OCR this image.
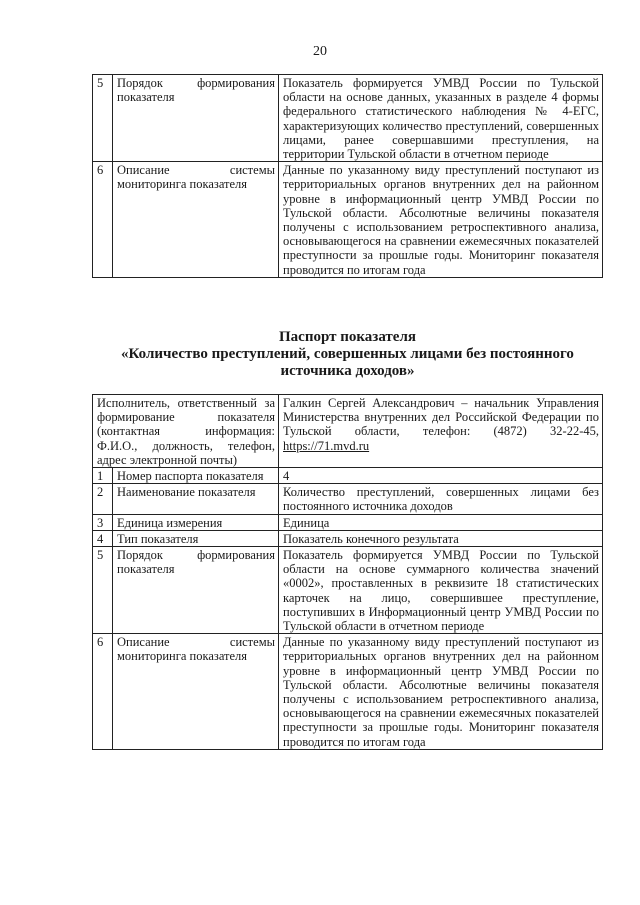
20
5	Порядок формирования показателя	Показатель формируется УМВД России по Тульской области на основе данных, указанных в разделе 4 формы федерального статистического наблюдения № 4-ЕГС, характеризующих количество преступлений, совершенных лицами, ранее совершавшими преступления, на территории Тульской области в отчетном периоде
6	Описание системы мониторинга показателя	Данные по указанному виду преступлений поступают из территориальных органов внутренних дел на районном уровне в информационный центр УМВД России по Тульской области. Абсолютные величины показателя получены с использованием ретроспективного анализа, основывающегося на сравнении ежемесячных показателей преступности за прошлые годы. Мониторинг показателя проводится по итогам года
Паспорт показателя
«Количество преступлений, совершенных лицами без постоянного
источника доходов»
Исполнитель, ответственный за формирование показателя (контактная информация: Ф.И.О., должность, телефон, адрес электронной почты)		Галкин Сергей Александрович – начальник Управления Министерства внутренних дел Российской Федерации по Тульской области, телефон: (4872) 32-22-45, https://71.mvd.ru
1	Номер паспорта показателя	4
2	Наименование показателя	Количество преступлений, совершенных лицами без постоянного источника доходов
3	Единица измерения	Единица
4	Тип показателя	Показатель конечного результата
5	Порядок формирования показателя	Показатель формируется УМВД России по Тульской области на основе суммарного количества значений «0002», проставленных в реквизите 18 статистических карточек на лицо, совершившее преступление, поступивших в Информационный центр УМВД России по Тульской области в отчетном периоде
6	Описание системы мониторинга показателя	Данные по указанному виду преступлений поступают из территориальных органов внутренних дел на районном уровне в информационный центр УМВД России по Тульской области. Абсолютные величины показателя получены с использованием ретроспективного анализа, основывающегося на сравнении ежемесячных показателей преступности за прошлые годы. Мониторинг показателя проводится по итогам года
